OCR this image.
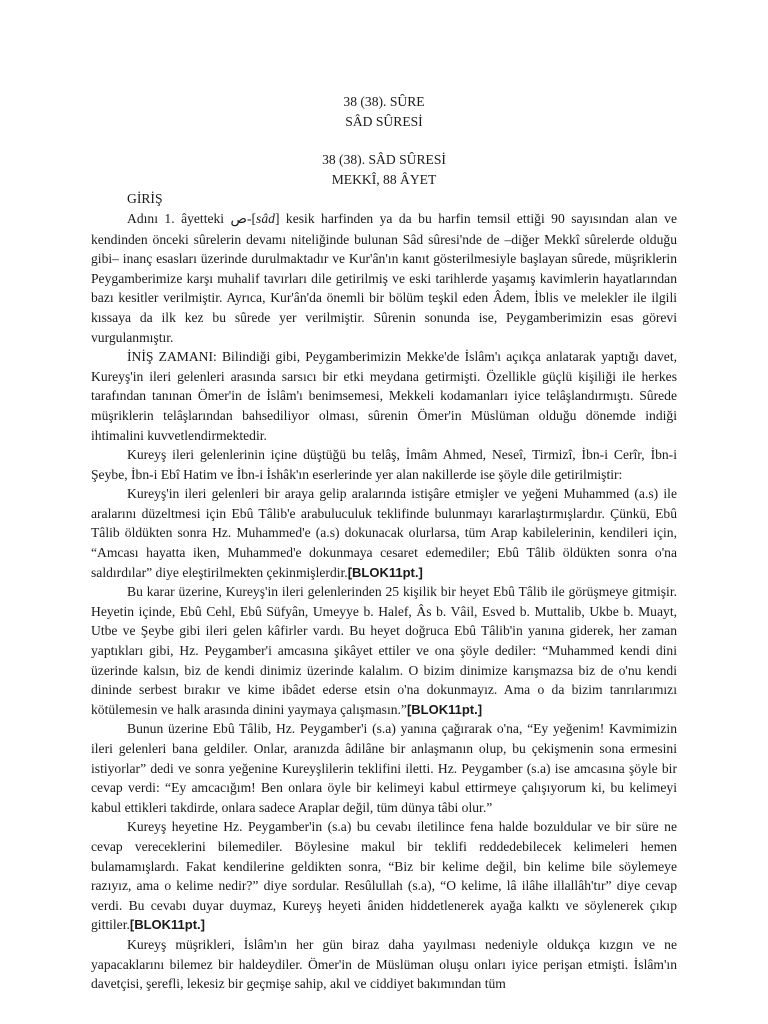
38 (38). SÛRE
SÂD SÛRESİ
38 (38). SÂD SÛRESİ
MEKKÎ, 88 ÂYET

GİRİŞ

Adını 1. âyetteki ص-[sâd] kesik harfinden ya da bu harfin temsil ettiği 90 sayısından alan ve kendinden önceki sûrelerin devamı niteliğinde bulunan Sâd sûresi'nde de –diğer Mekkî sûrelerde olduğu gibi– inanç esasları üzerinde durulmaktadır ve Kur'ân'ın kanıt gösterilmesiyle başlayan sûrede, müşriklerin Peygamberimize karşı muhalif tavırları dile getirilmiş ve eski tarihlerde yaşamış kavimlerin hayatlarından bazı kesitler verilmiştir. Ayrıca, Kur'ân'da önemli bir bölüm teşkil eden Âdem, İblis ve melekler ile ilgili kıssaya da ilk kez bu sûrede yer verilmiştir. Sûrenin sonunda ise, Peygamberimizin esas görevi vurgulanmıştır.

İNİŞ ZAMANI: Bilindiği gibi, Peygamberimizin Mekke'de İslâm'ı açıkça anlatarak yaptığı davet, Kureyş'in ileri gelenleri arasında sarsıcı bir etki meydana getirmişti. Özellikle güçlü kişiliği ile herkes tarafından tanınan Ömer'in de İslâm'ı benimsemesi, Mekkeli kodamanları iyice telâşlandırmıştı. Sûrede müşriklerin telâşlarından bahsediliyor olması, sûrenin Ömer'in Müslüman olduğu dönemde indiği ihtimalini kuvvetlendirmektedir.

Kureyş ileri gelenlerinin içine düştüğü bu telâş, İmâm Ahmed, Neseî, Tirmizî, İbn-i Cerîr, İbn-i Şeybe, İbn-i Ebî Hatim ve İbn-i İshâk'ın eserlerinde yer alan nakillerde ise şöyle dile getirilmiştir:

Kureyş'in ileri gelenleri bir araya gelip aralarında istişâre etmişler ve yeğeni Muhammed (a.s) ile aralarını düzeltmesi için Ebû Tâlib'e arabuluculuk teklifinde bulunmayı kararlaştırmışlardır. Çünkü, Ebû Tâlib öldükten sonra Hz. Muhammed'e (a.s) dokunacak olurlarsa, tüm Arap kabilelerinin, kendileri için, “Amcası hayatta iken, Muhammed'e dokunmaya cesaret edemediler; Ebû Tâlib öldükten sonra o'na saldırdılar” diye eleştirilmekten çekinmişlerdir.[BLOK11pt.]

Bu karar üzerine, Kureyş'in ileri gelenlerinden 25 kişilik bir heyet Ebû Tâlib ile görüşmeye gitmişir. Heyetin içinde, Ebû Cehl, Ebû Süfyân, Umeyye b. Halef, Âs b. Vâil, Esved b. Muttalib, Ukbe b. Muayt, Utbe ve Şeybe gibi ileri gelen kâfirler vardı. Bu heyet doğruca Ebû Tâlib'in yanına giderek, her zaman yaptıkları gibi, Hz. Peygamber'i amcasına şikâyet ettiler ve ona şöyle dediler: “Muhammed kendi dini üzerinde kalsın, biz de kendi dinimiz üzerinde kalalım. O bizim dinimize karışmazsa biz de o'nu kendi dininde serbest bırakır ve kime ibâdet ederse etsin o'na dokunmayız. Ama o da bizim tanrılarımızı kötülemesin ve halk arasında dinini yaymaya çalışmasın.”[BLOK11pt.]

Bunun üzerine Ebû Tâlib, Hz. Peygamber'i (s.a) yanına çağırarak o'na, “Ey yeğenim! Kavmimizin ileri gelenleri bana geldiler. Onlar, aranızda âdilâne bir anlaşmanın olup, bu çekişmenin sona ermesini istiyorlar” dedi ve sonra yeğenine Kureyşlilerin teklifini iletti. Hz. Peygamber (s.a) ise amcasına şöyle bir cevap verdi: “Ey amcacığım! Ben onlara öyle bir kelimeyi kabul ettirmeye çalışıyorum ki, bu kelimeyi kabul ettikleri takdirde, onlara sadece Araplar değil, tüm dünya tâbi olur.”

Kureyş heyetine Hz. Peygamber'in (s.a) bu cevabı iletilince fena halde bozuldular ve bir süre ne cevap vereceklerini bilemediler. Böylesine makul bir teklifi reddedebilecek kelimeleri hemen bulamamışlardı. Fakat kendilerine geldikten sonra, “Biz bir kelime değil, bin kelime bile söylemeye razıyız, ama o kelime nedir?” diye sordular. Resûlullah (s.a), “O kelime, lâ ilâhe illallâh'tır” diye cevap verdi. Bu cevabı duyar duymaz, Kureyş heyeti âniden hiddetlenerek ayağa kalktı ve söylenerek çıkıp gittiler.[BLOK11pt.]

Kureyş müşrikleri, İslâm'ın her gün biraz daha yayılması nedeniyle oldukça kızgın ve ne yapacaklarını bilemez bir haldeydiler. Ömer'in de Müslüman oluşu onları iyice perişan etmişti. İslâm'ın davetçisi, şerefli, lekesiz bir geçmişe sahip, akıl ve ciddiyet bakımından tüm
